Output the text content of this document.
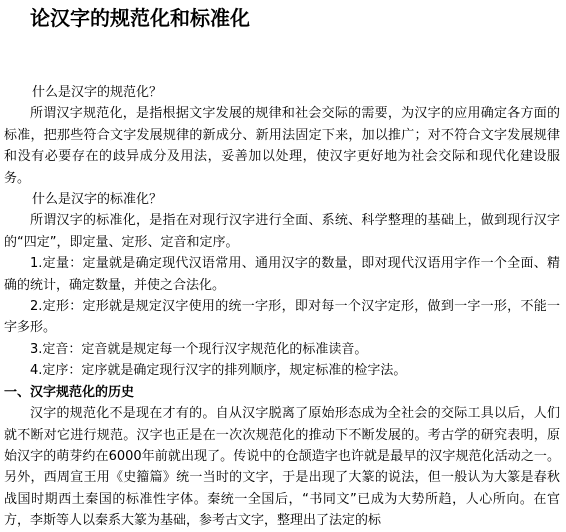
论汉字的规范化和标准化

什么是汉字的规范化？

所谓汉字规范化，是指根据文字发展的规律和社会交际的需要，为汉字的应用确定各方面的标准，把那些符合文字发展规律的新成分、新用法固定下来，加以推广；对不符合文字发展规律和没有必要存在的歧异成分及用法，妥善加以处理，使汉字更好地为社会交际和现代化建设服务。

什么是汉字的标准化？

所谓汉字的标准化，是指在对现行汉字进行全面、系统、科学整理的基础上，做到现行汉字的“四定”，即定量、定形、定音和定序。

1.定量：定量就是确定现代汉语常用、通用汉字的数量，即对现代汉语用字作一个全面、精确的统计，确定数量，并使之合法化。

2.定形：定形就是规定汉字使用的统一字形，即对每一个汉字定形，做到一字一形，不能一字多形。

3.定音：定音就是规定每一个现行汉字规范化的标准读音。

4.定序：定序就是确定现行汉字的排列顺序，规定标准的检字法。

一、汉字规范化的历史

汉字的规范化不是现在才有的。自从汉字脱离了原始形态成为全社会的交际工具以后，人们就不断对它进行规范。汉字也正是在一次次规范化的推动下不断发展的。考古学的研究表明，原始汉字的萌芽约在6000年前就出现了。传说中的仓颉造字也许就是最早的汉字规范化活动之一。另外，西周宣王用《史籀篇》统一当时的文字，于是出现了大篆的说法，但一般认为大篆是春秋战国时期西土秦国的标准性字体。秦统一全国后，“书同文”已成为大势所趋，人心所向。在官方，李斯等人以秦系大篆为基础，参考古文字，整理出了法定的标
